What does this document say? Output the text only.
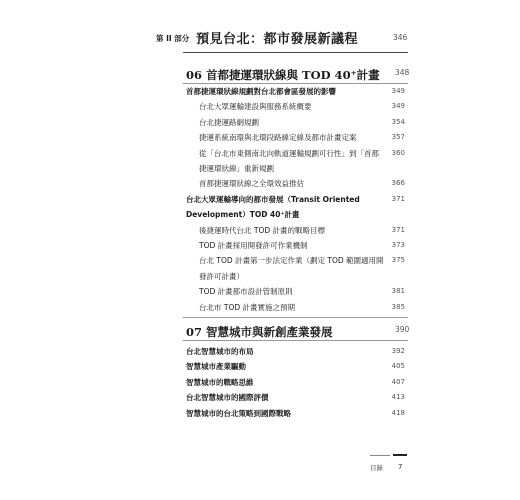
第 II 部分 預見台北：都市發展新議程	346
06 首都捷運環狀線與 TOD 40⁺計畫 348
首都捷運環狀線規劃對台北都會區發展的影響	349
台北大眾運輸建設與服務系統概要	349
台北捷運路網規劃	354
捷運系統南環與北環段路線定線及都市計畫定案	357
從「台北市東側南北向軌道運輸規劃可行性」到「首都	360
捷運環狀線」重新規劃
首都捷運環狀線之全環效益推估	366
台北大眾運輸導向的都市發展（Transit Oriented	371
Development）TOD 40⁺計畫
後捷運時代台北 TOD 計畫的戰略目標	371
TOD 計畫採用開發許可作業機制	373
台北 TOD 計畫第一步法定作業（劃定 TOD 範圍適用開	375
發許可計畫）
TOD 計畫都市設計管制原則	381
台北市 TOD 計畫實施之預期	385
07 智慧城市與新創產業發展	390
台北智慧城市的布局	392
智慧城市產業驅動	405
智慧城市的戰略思維	407
台北智慧城市的國際評價	413
智慧城市的台北策略到國際戰略	418
目錄 7
